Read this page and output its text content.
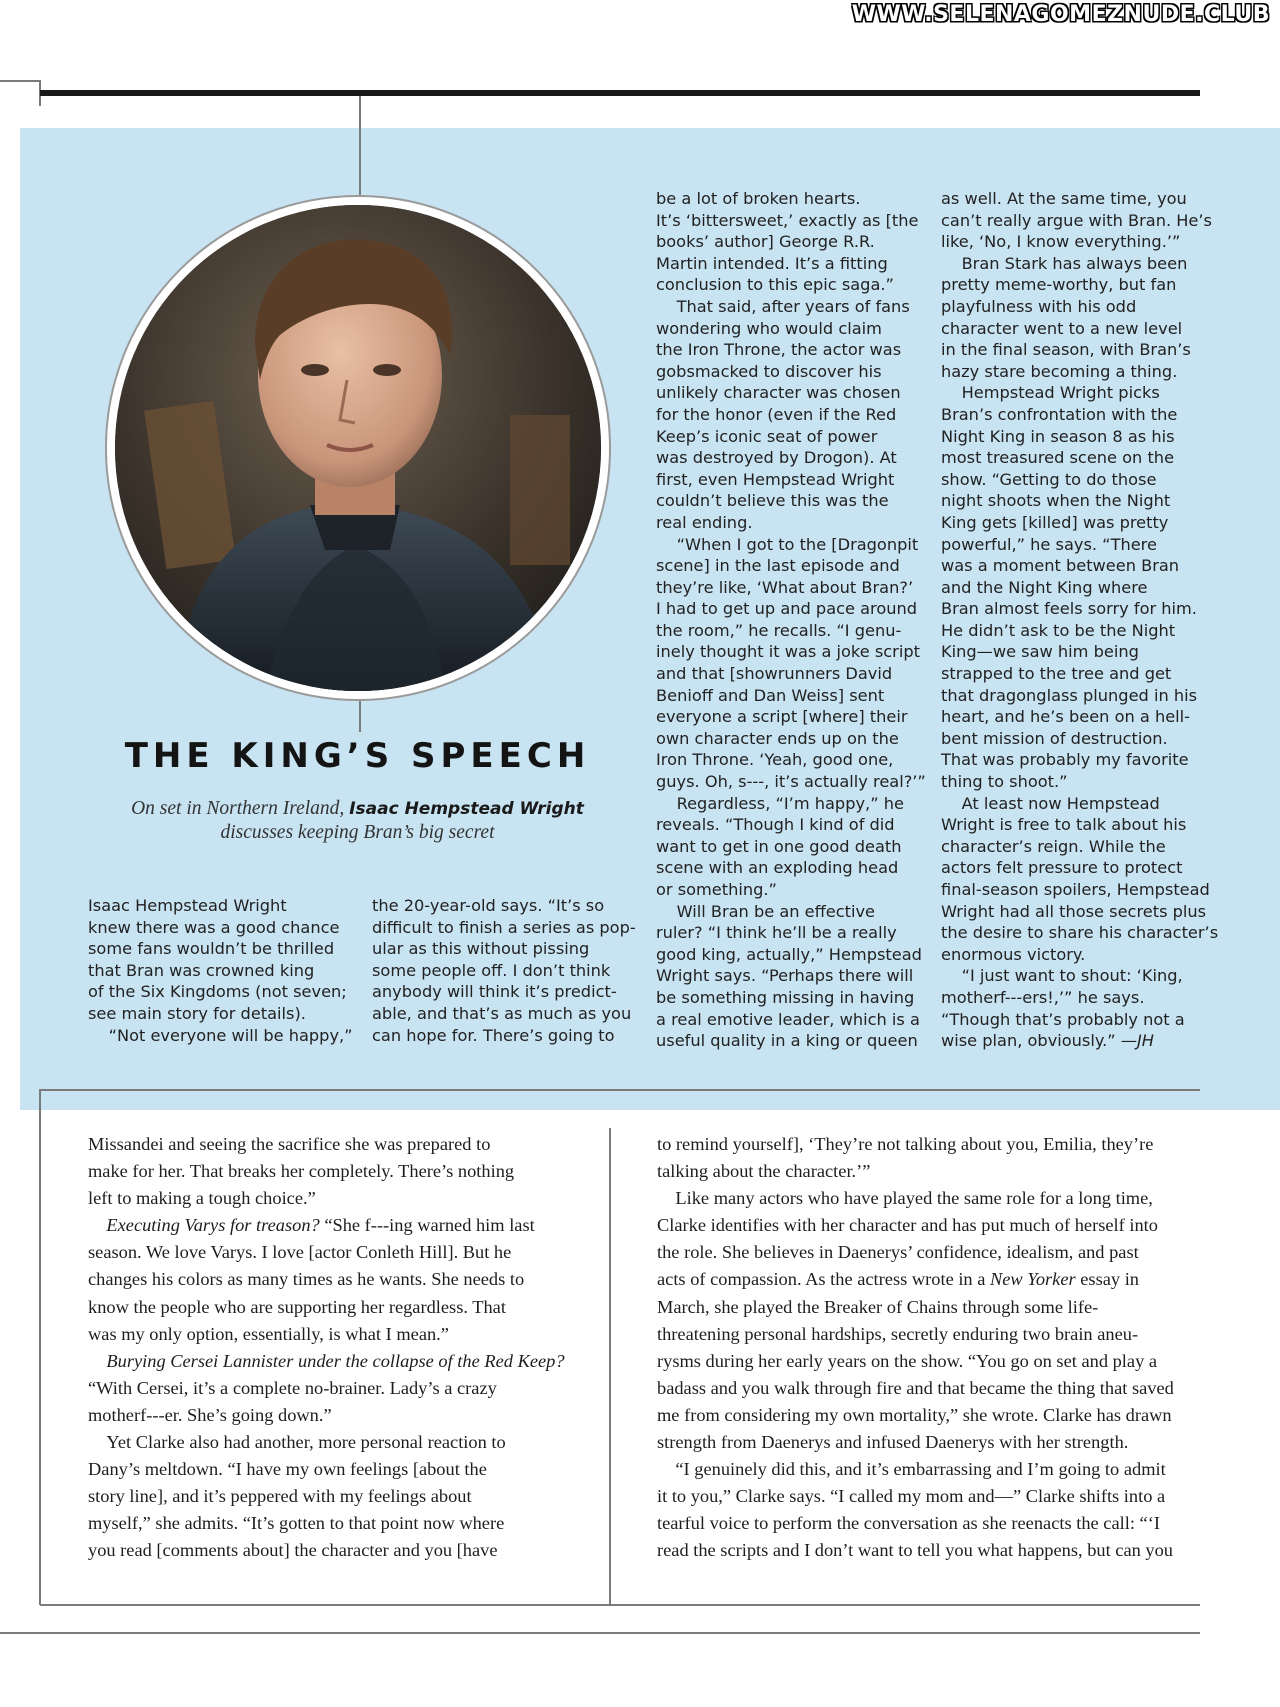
WWW.SELENAGOMEZNUDE.CLUB
THE KING’S SPEECH
On set in Northern Ireland, Isaac Hempstead Wright
discusses keeping Bran’s big secret
Isaac Hempstead Wright
knew there was a good chance
some fans wouldn’t be thrilled
that Bran was crowned king
of the Six Kingdoms (not seven;
see main story for details).
“Not everyone will be happy,”
the 20-year-old says. “It’s so
difficult to finish a series as pop-
ular as this without pissing
some people off. I don’t think
anybody will think it’s predict-
able, and that’s as much as you
can hope for. There’s going to
be a lot of broken hearts.
It’s ‘bittersweet,’ exactly as [the
books’ author] George R.R.
Martin intended. It’s a fitting
conclusion to this epic saga.”
That said, after years of fans
wondering who would claim
the Iron Throne, the actor was
gobsmacked to discover his
unlikely character was chosen
for the honor (even if the Red
Keep’s iconic seat of power
was destroyed by Drogon). At
first, even Hempstead Wright
couldn’t believe this was the
real ending.
“When I got to the [Dragonpit
scene] in the last episode and
they’re like, ‘What about Bran?’
I had to get up and pace around
the room,” he recalls. “I genu-
inely thought it was a joke script
and that [showrunners David
Benioff and Dan Weiss] sent
everyone a script [where] their
own character ends up on the
Iron Throne. ‘Yeah, good one,
guys. Oh, s---, it’s actually real?’”
Regardless, “I’m happy,” he
reveals. “Though I kind of did
want to get in one good death
scene with an exploding head
or something.”
Will Bran be an effective
ruler? “I think he’ll be a really
good king, actually,” Hempstead
Wright says. “Perhaps there will
be something missing in having
a real emotive leader, which is a
useful quality in a king or queen
as well. At the same time, you
can’t really argue with Bran. He’s
like, ‘No, I know everything.’”
Bran Stark has always been
pretty meme-worthy, but fan
playfulness with his odd
character went to a new level
in the final season, with Bran’s
hazy stare becoming a thing.
Hempstead Wright picks
Bran’s confrontation with the
Night King in season 8 as his
most treasured scene on the
show. “Getting to do those
night shoots when the Night
King gets [killed] was pretty
powerful,” he says. “There
was a moment between Bran
and the Night King where
Bran almost feels sorry for him.
He didn’t ask to be the Night
King—we saw him being
strapped to the tree and get
that dragonglass plunged in his
heart, and he’s been on a hell-
bent mission of destruction.
That was probably my favorite
thing to shoot.”
At least now Hempstead
Wright is free to talk about his
character’s reign. While the
actors felt pressure to protect
final-season spoilers, Hempstead
Wright had all those secrets plus
the desire to share his character’s
enormous victory.
“I just want to shout: ‘King,
motherf---ers!,’” he says.
“Though that’s probably not a
wise plan, obviously.” —JH
Missandei and seeing the sacrifice she was prepared to
make for her. That breaks her completely. There’s nothing
left to making a tough choice.”
Executing Varys for treason? “She f---ing warned him last
season. We love Varys. I love [actor Conleth Hill]. But he
changes his colors as many times as he wants. She needs to
know the people who are supporting her regardless. That
was my only option, essentially, is what I mean.”
Burying Cersei Lannister under the collapse of the Red Keep?
“With Cersei, it’s a complete no-brainer. Lady’s a crazy
motherf---er. She’s going down.”
Yet Clarke also had another, more personal reaction to
Dany’s meltdown. “I have my own feelings [about the
story line], and it’s peppered with my feelings about
myself,” she admits. “It’s gotten to that point now where
you read [comments about] the character and you [have
to remind yourself], ‘They’re not talking about you, Emilia, they’re
talking about the character.’”
Like many actors who have played the same role for a long time,
Clarke identifies with her character and has put much of herself into
the role. She believes in Daenerys’ confidence, idealism, and past
acts of compassion. As the actress wrote in a New Yorker essay in
March, she played the Breaker of Chains through some life-
threatening personal hardships, secretly enduring two brain aneu-
rysms during her early years on the show. “You go on set and play a
badass and you walk through fire and that became the thing that saved
me from considering my own mortality,” she wrote. Clarke has drawn
strength from Daenerys and infused Daenerys with her strength.
“I genuinely did this, and it’s embarrassing and I’m going to admit
it to you,” Clarke says. “I called my mom and—” Clarke shifts into a
tearful voice to perform the conversation as she reenacts the call: “‘I
read the scripts and I don’t want to tell you what happens, but can you
